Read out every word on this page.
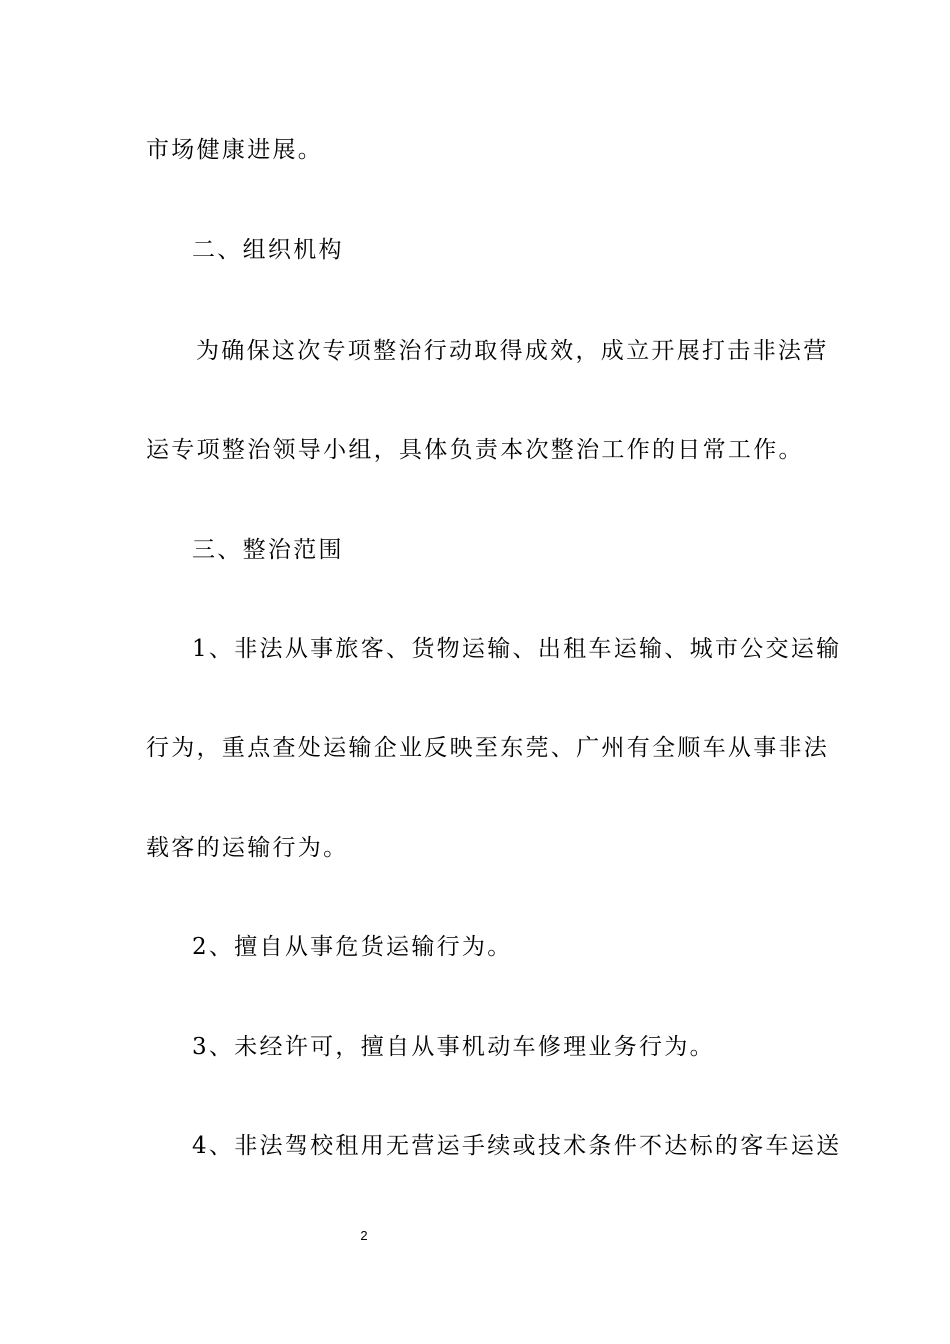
市场健康进展。
二、组织机构
为确保这次专项整治行动取得成效，成立开展打击非法营
运专项整治领导小组，具体负责本次整治工作的日常工作。
三、整治范围
1、非法从事旅客、货物运输、出租车运输、城市公交运输
行为，重点查处运输企业反映至东莞、广州有全顺车从事非法
载客的运输行为。
2、擅自从事危货运输行为。
3、未经许可，擅自从事机动车修理业务行为。
4、非法驾校租用无营运手续或技术条件不达标的客车运送
2
